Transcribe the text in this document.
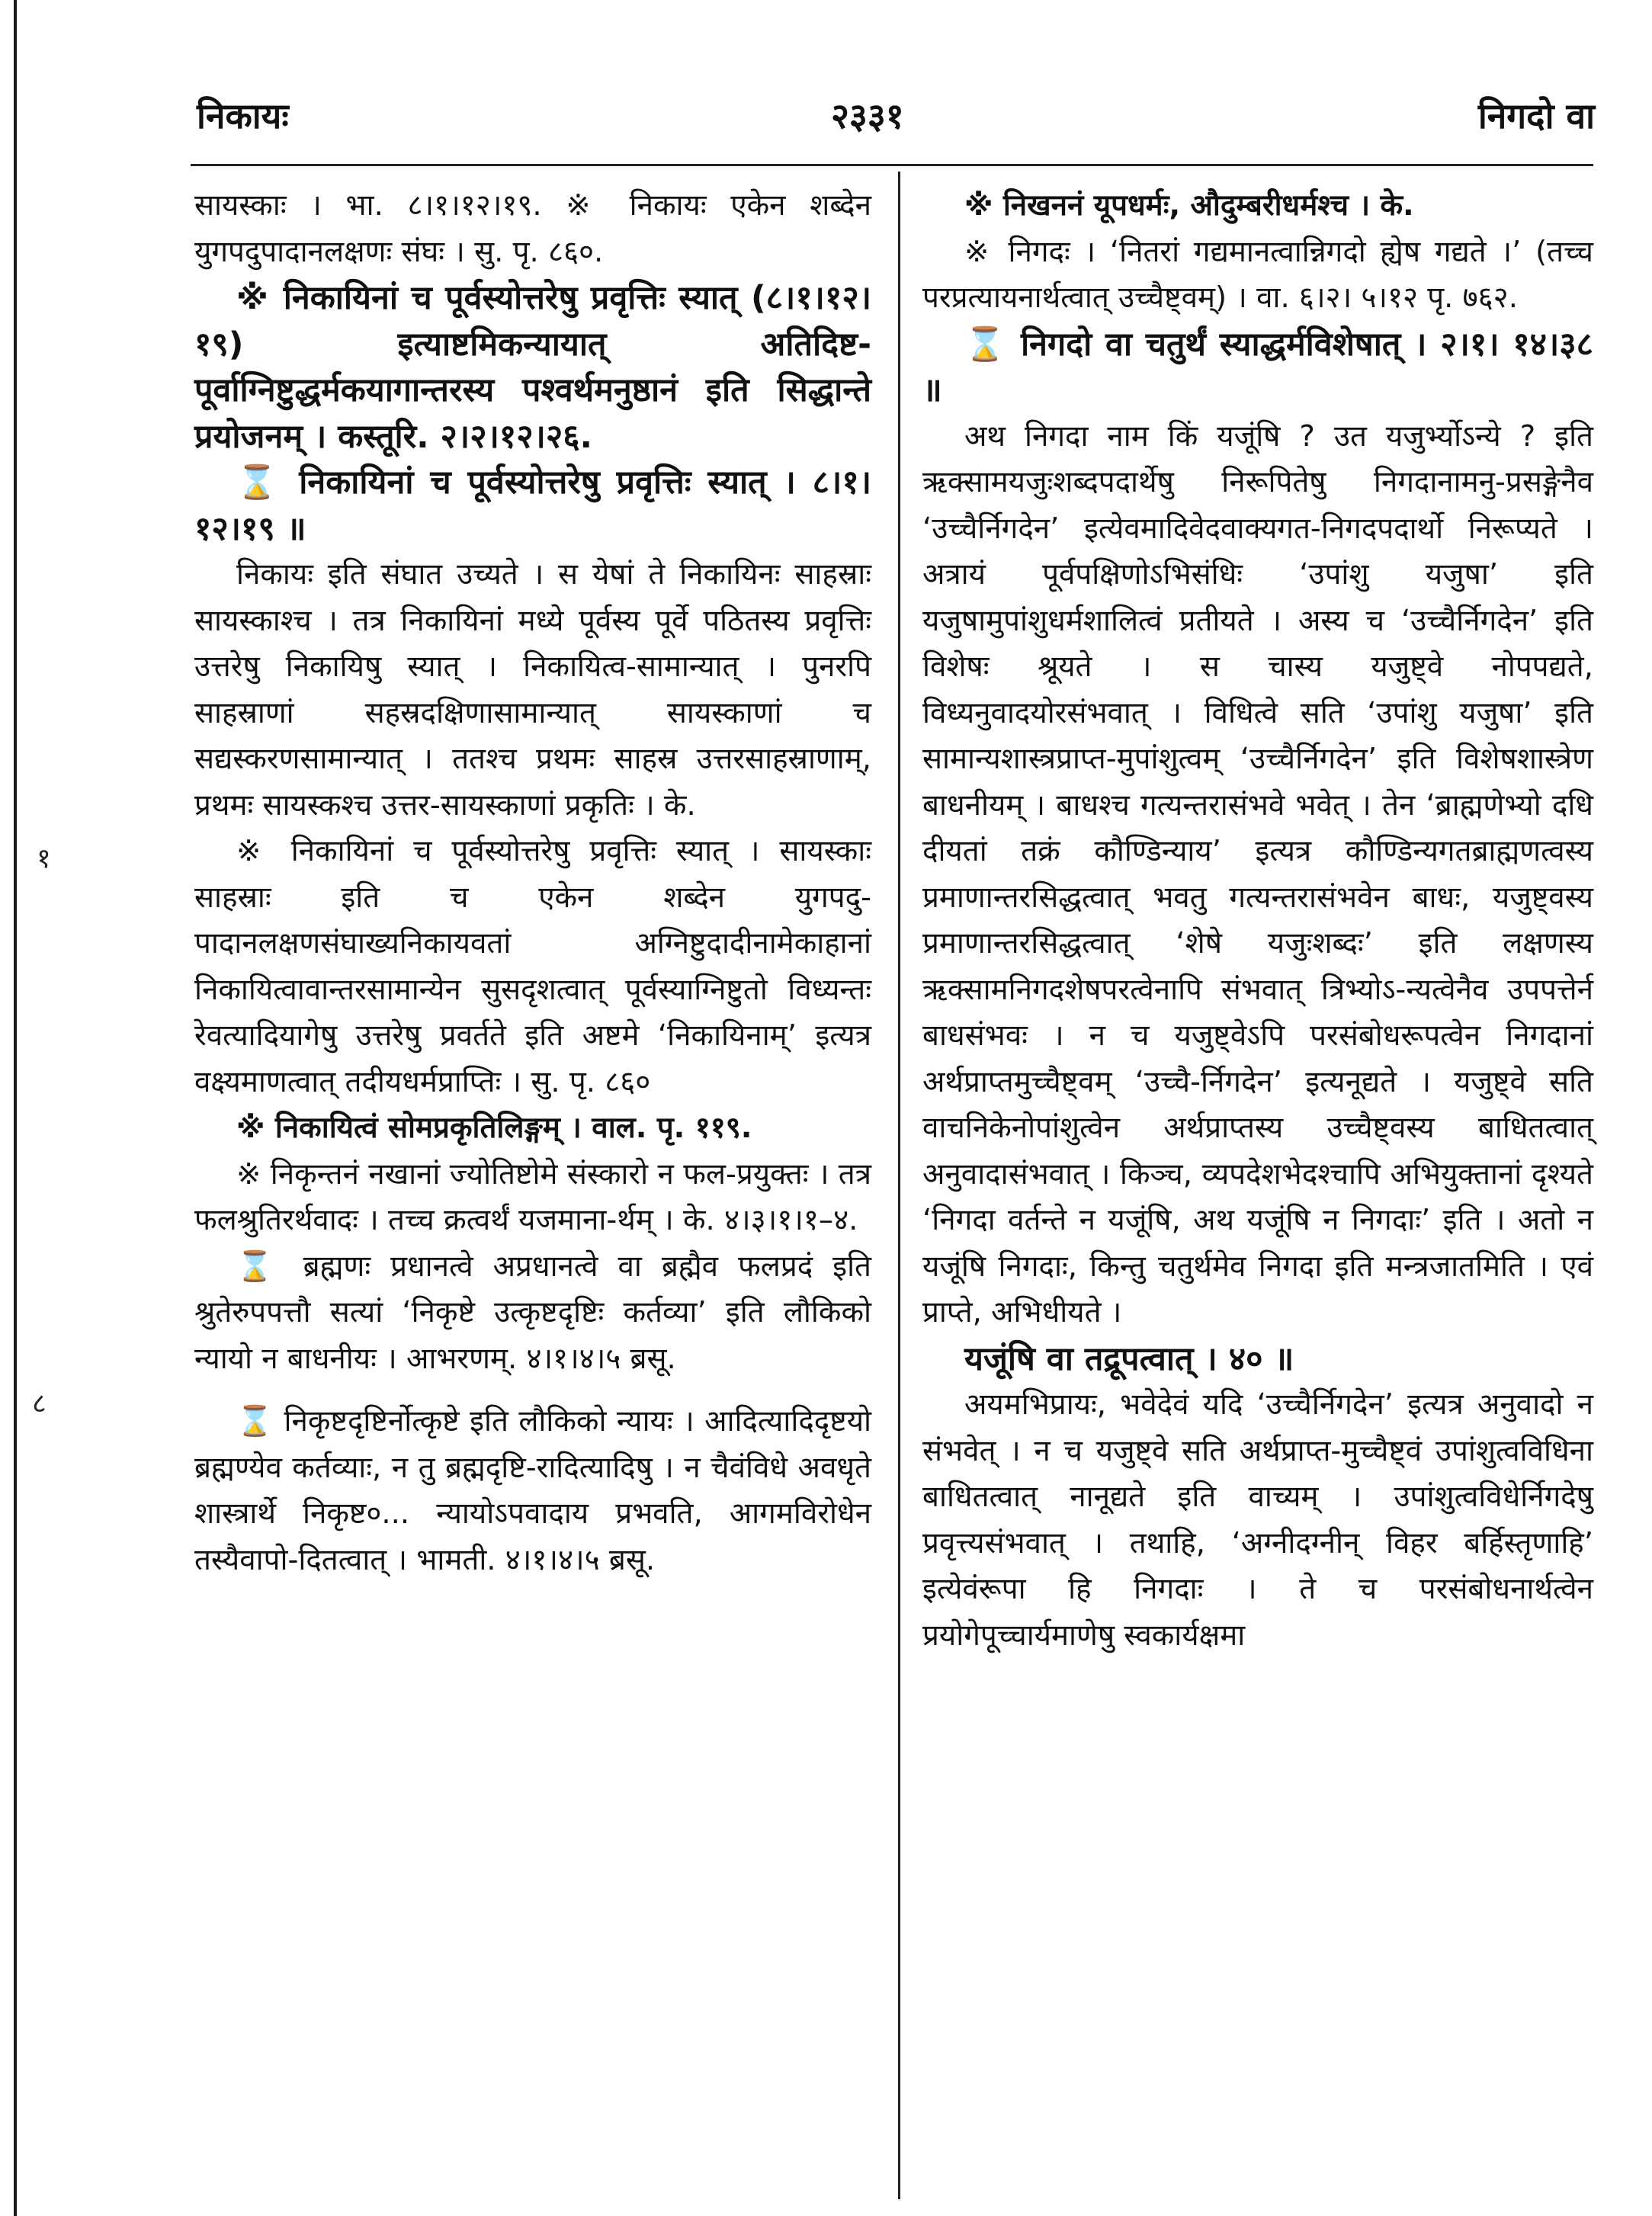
१
८
निकायः	२३३१	निगदो वा

सायस्काः । भा. ८।१।१२।१९. ※ निकायः एकेन शब्देन युगपदुपादानलक्षणः संघः । सु. पृ. ८६०.

※ निकायिनां च पूर्वस्योत्तरेषु प्रवृत्तिः स्यात् (८।१।१२।१९) इत्याष्टमिकन्यायात् अतिदिष्ट-पूर्वाग्निष्टुद्धर्मकयागान्तरस्य पश्वर्थमनुष्ठानं इति सिद्धान्ते प्रयोजनम् । कस्तूरि. २।२।१२।२६.

⌛ निकायिनां च पूर्वस्योत्तरेषु प्रवृत्तिः स्यात् । ८।१।१२।१९ ॥

निकायः इति संघात उच्यते । स येषां ते निकायिनः साहस्राः सायस्काश्च । तत्र निकायिनां मध्ये पूर्वस्य पूर्वे पठितस्य प्रवृत्तिः उत्तरेषु निकायिषु स्यात् । निकायित्व-सामान्यात् । पुनरपि साहस्राणां सहस्रदक्षिणासामान्यात् सायस्काणां च सद्यस्करणसामान्यात् । ततश्च प्रथमः साहस्र उत्तरसाहस्राणाम्, प्रथमः सायस्कश्च उत्तर-सायस्काणां प्रकृतिः । के.

※ निकायिनां च पूर्वस्योत्तरेषु प्रवृत्तिः स्यात् । सायस्काः साहस्राः इति च एकेन शब्देन युगपदु-पादानलक्षणसंघाख्यनिकायवतां अग्निष्टुदादीनामेकाहानां निकायित्वावान्तरसामान्येन सुसदृशत्वात् पूर्वस्याग्निष्टुतो विध्यन्तः रेवत्यादियागेषु उत्तरेषु प्रवर्तते इति अष्टमे ‘निकायिनाम्’ इत्यत्र वक्ष्यमाणत्वात् तदीयधर्मप्राप्तिः । सु. पृ. ८६०

※ निकायित्वं सोमप्रकृतिलिङ्गम् । वाल. पृ. ११९.

※ निकृन्तनं नखानां ज्योतिष्टोमे संस्कारो न फल-प्रयुक्तः । तत्र फलश्रुतिरर्थवादः । तच्च क्रत्वर्थं यजमाना-र्थम् । के. ४।३।१।१–४.

⌛ ब्रह्मणः प्रधानत्वे अप्रधानत्वे वा ब्रह्मैव फलप्रदं इति श्रुतेरुपपत्तौ सत्यां ‘निकृष्टे उत्कृष्टदृष्टिः कर्तव्या’ इति लौकिको न्यायो न बाधनीयः । आभरणम्. ४।१।४।५ ब्रसू.

⌛ निकृष्टदृष्टिर्नोत्कृष्टे इति लौकिको न्यायः । आदित्यादिदृष्टयो ब्रह्मण्येव कर्तव्याः, न तु ब्रह्मदृष्टि-रादित्यादिषु । न चैवंविधे अवधृते शास्त्रार्थे निकृष्ट०... न्यायोऽपवादाय प्रभवति, आगमविरोधेन तस्यैवापो-दितत्वात् । भामती. ४।१।४।५ ब्रसू.

※ निखननं यूपधर्मः, औदुम्बरीधर्मश्च । के.

※ निगदः । ‘नितरां गद्यमानत्वान्निगदो ह्येष गद्यते ।’ (तच्च परप्रत्यायनार्थत्वात् उच्चैष्ट्वम्) । वा. ६।२। ५।१२ पृ. ७६२.

⌛ निगदो वा चतुर्थं स्याद्धर्मविशेषात् । २।१। १४।३८ ॥

अथ निगदा नाम किं यजूंषि ? उत यजुर्भ्योऽन्ये ? इति ऋक्सामयजुःशब्दपदार्थेषु निरूपितेषु निगदानामनु-प्रसङ्गेनैव ‘उच्चैर्निगदेन’ इत्येवमादिवेदवाक्यगत-निगदपदार्थो निरूप्यते । अत्रायं पूर्वपक्षिणोऽभिसंधिः ‘उपांशु यजुषा’ इति यजुषामुपांशुधर्मशालित्वं प्रतीयते । अस्य च ‘उच्चैर्निगदेन’ इति विशेषः श्रूयते । स चास्य यजुष्ट्वे नोपपद्यते, विध्यनुवादयोरसंभवात् । विधित्वे सति ‘उपांशु यजुषा’ इति सामान्यशास्त्रप्राप्त-मुपांशुत्वम् ‘उच्चैर्निगदेन’ इति विशेषशास्त्रेण बाधनीयम् । बाधश्च गत्यन्तरासंभवे भवेत् । तेन ‘ब्राह्मणेभ्यो दधि दीयतां तक्रं कौण्डिन्याय’ इत्यत्र कौण्डिन्यगतब्राह्मणत्वस्य प्रमाणान्तरसिद्धत्वात् भवतु गत्यन्तरासंभवेन बाधः, यजुष्ट्वस्य प्रमाणान्तरसिद्धत्वात् ‘शेषे यजुःशब्दः’ इति लक्षणस्य ऋक्सामनिगदशेषपरत्वेनापि संभवात् त्रिभ्योऽ-न्यत्वेनैव उपपत्तेर्न बाधसंभवः । न च यजुष्ट्वेऽपि परसंबोधरूपत्वेन निगदानां अर्थप्राप्तमुच्चैष्ट्वम् ‘उच्चै-र्निगदेन’ इत्यनूद्यते । यजुष्ट्वे सति वाचनिकेनोपांशुत्वेन अर्थप्राप्तस्य उच्चैष्ट्वस्य बाधितत्वात् अनुवादासंभवात् । किञ्च, व्यपदेशभेदश्चापि अभियुक्तानां दृश्यते ‘निगदा वर्तन्ते न यजूंषि, अथ यजूंषि न निगदाः’ इति । अतो न यजूंषि निगदाः, किन्तु चतुर्थमेव निगदा इति मन्त्रजातमिति । एवं प्राप्ते, अभिधीयते ।

यजूंषि वा तद्रूपत्वात् । ४० ॥

अयमभिप्रायः, भवेदेवं यदि ‘उच्चैर्निगदेन’ इत्यत्र अनुवादो न संभवेत् । न च यजुष्ट्वे सति अर्थप्राप्त-मुच्चैष्ट्वं उपांशुत्वविधिना बाधितत्वात् नानूद्यते इति वाच्यम् । उपांशुत्वविधेर्निगदेषु प्रवृत्त्यसंभवात् । तथाहि, ‘अग्नीदग्नीन् विहर बर्हिस्तृणाहि’ इत्येवंरूपा हि निगदाः । ते च परसंबोधनार्थत्वेन प्रयोगेपूच्चार्यमाणेषु स्वकार्यक्षमा
